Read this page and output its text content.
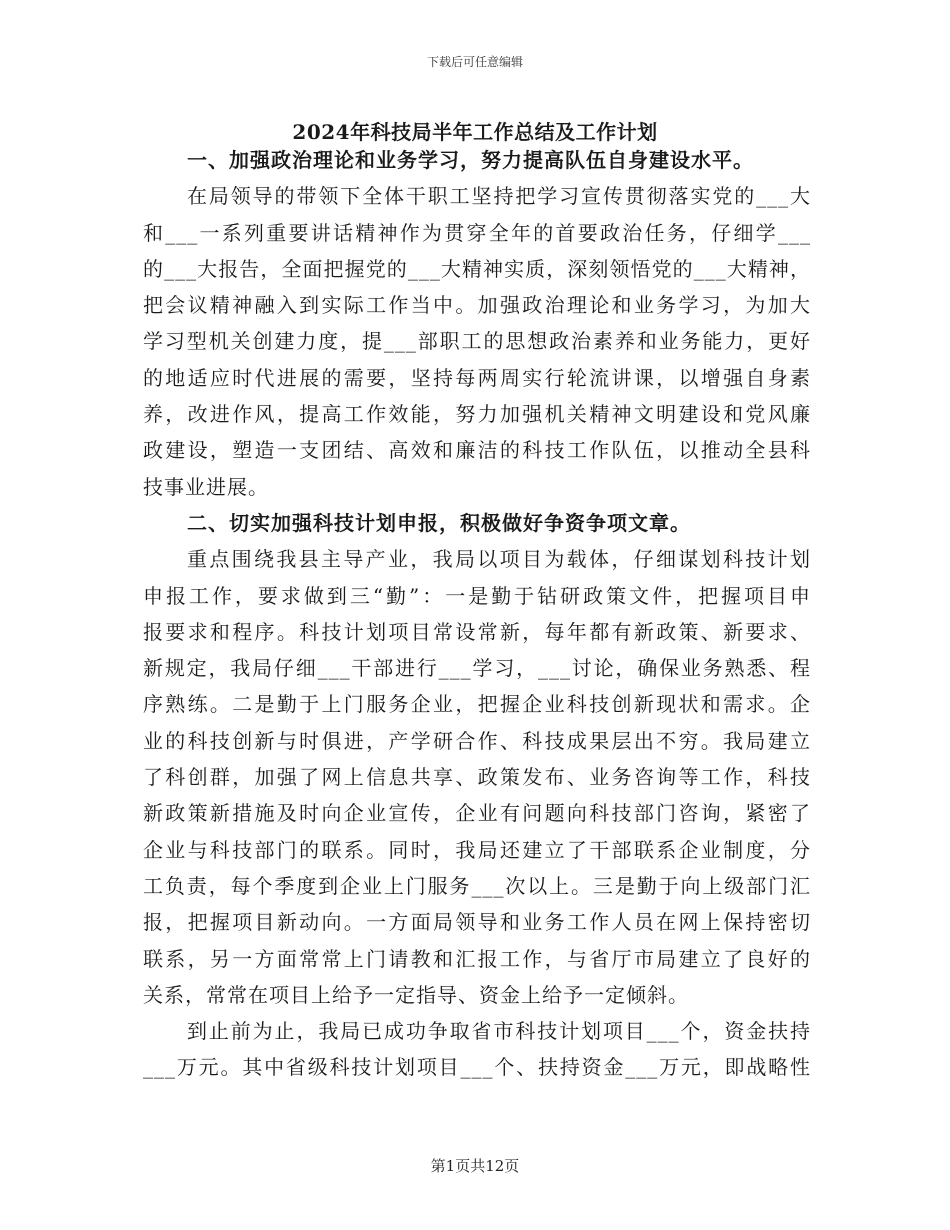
下载后可任意编辑
2024年科技局半年工作总结及工作计划
一、加强政治理论和业务学习，努力提高队伍自身建设水平。
在局领导的带领下全体干职工坚持把学习宣传贯彻落实党的___大
和___一系列重要讲话精神作为贯穿全年的首要政治任务，仔细学___
的___大报告，全面把握党的___大精神实质，深刻领悟党的___大精神，
把会议精神融入到实际工作当中。加强政治理论和业务学习，为加大
学习型机关创建力度，提___部职工的思想政治素养和业务能力，更好
的地适应时代进展的需要，坚持每两周实行轮流讲课，以增强自身素
养，改进作风，提高工作效能，努力加强机关精神文明建设和党风廉
政建设，塑造一支团结、高效和廉洁的科技工作队伍，以推动全县科
技事业进展。
二、切实加强科技计划申报，积极做好争资争项文章。
重点围绕我县主导产业，我局以项目为载体，仔细谋划科技计划
申报工作，要求做到三“勤”：一是勤于钻研政策文件，把握项目申
报要求和程序。科技计划项目常设常新，每年都有新政策、新要求、
新规定，我局仔细___干部进行___学习，___讨论，确保业务熟悉、程
序熟练。二是勤于上门服务企业，把握企业科技创新现状和需求。企
业的科技创新与时俱进，产学研合作、科技成果层出不穷。我局建立
了科创群，加强了网上信息共享、政策发布、业务咨询等工作，科技
新政策新措施及时向企业宣传，企业有问题向科技部门咨询，紧密了
企业与科技部门的联系。同时，我局还建立了干部联系企业制度，分
工负责，每个季度到企业上门服务___次以上。三是勤于向上级部门汇
报，把握项目新动向。一方面局领导和业务工作人员在网上保持密切
联系，另一方面常常上门请教和汇报工作，与省厅市局建立了良好的
关系，常常在项目上给予一定指导、资金上给予一定倾斜。
到止前为止，我局已成功争取省市科技计划项目___个，资金扶持
___万元。其中省级科技计划项目___个、扶持资金___万元，即战略性
第1页共12页
